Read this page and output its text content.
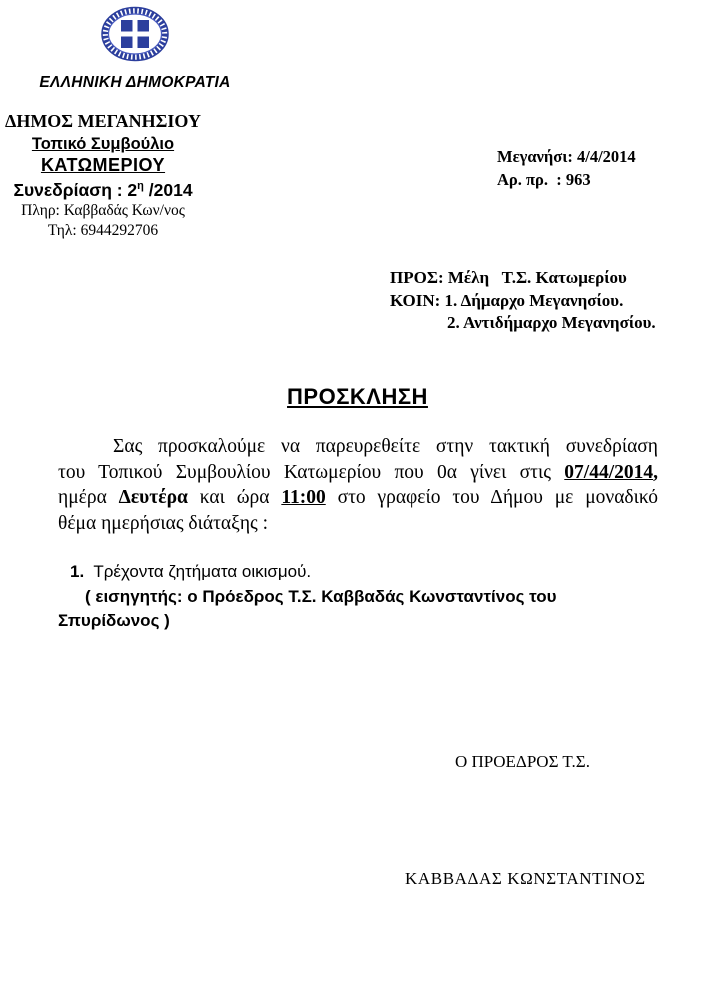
ΕΛΛΗΝΙΚΗ ΔΗΜΟΚΡΑΤΙΑ
ΔΗΜΟΣ ΜΕΓΑΝΗΣΙΟΥ
Τοπικό Συμβούλιο
ΚΑΤΩΜΕΡΙΟΥ
Συνεδρίαση : $2^\eta$ /2014
Πληρ: Καββαδάς Κων/νος
Τηλ: 6944292706
Μεγανήσι: 4/4/2014
Αρ. πρ.  : 963
ΠΡΟΣ: Μέλη   Τ.Σ. Κατωμερίου
ΚΟΙΝ: 1. Δήμαρχο Μεγανησίου.
2. Αντιδήμαρχο Μεγανησίου.
ΠΡΟΣΚΛΗΣΗ
Σας προσκαλούμε να παρευρεθείτε στην τακτική συνεδρίαση
του Τοπικού Συμβουλίου Κατωμερίου που 0α γίνει στις 07/44/2014,
ημέρα Δευτέρα και ώρα 11:00 στο γραφείο του Δήμου με μοναδικό
θέμα ημερήσιας διάταξης :
1.  Τρέχοντα ζητήματα οικισμού.
( εισηγητής: ο Πρόεδρος Τ.Σ. Καββαδάς Κωνσταντίνος του
Σπυρίδωνος )
Ο ΠΡΟΕΔΡΟΣ Τ.Σ.
ΚΑΒΒΑΔΑΣ ΚΩΝΣΤΑΝΤΙΝΟΣ
